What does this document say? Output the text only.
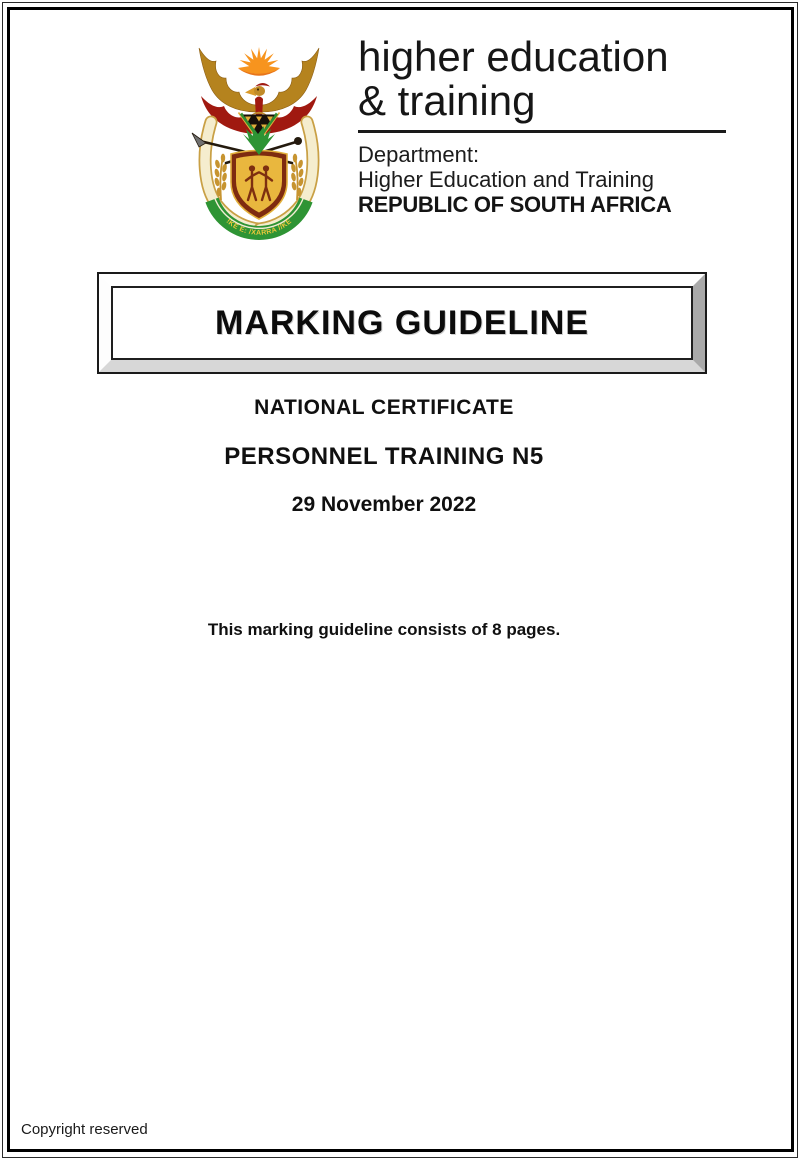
!KE E: /XARRA //KE
higher education
& training
Department:
Higher Education and Training
REPUBLIC OF SOUTH AFRICA
MARKING GUIDELINE
NATIONAL CERTIFICATE
PERSONNEL TRAINING N5
29 November 2022
This marking guideline consists of 8 pages.
Copyright reserved
